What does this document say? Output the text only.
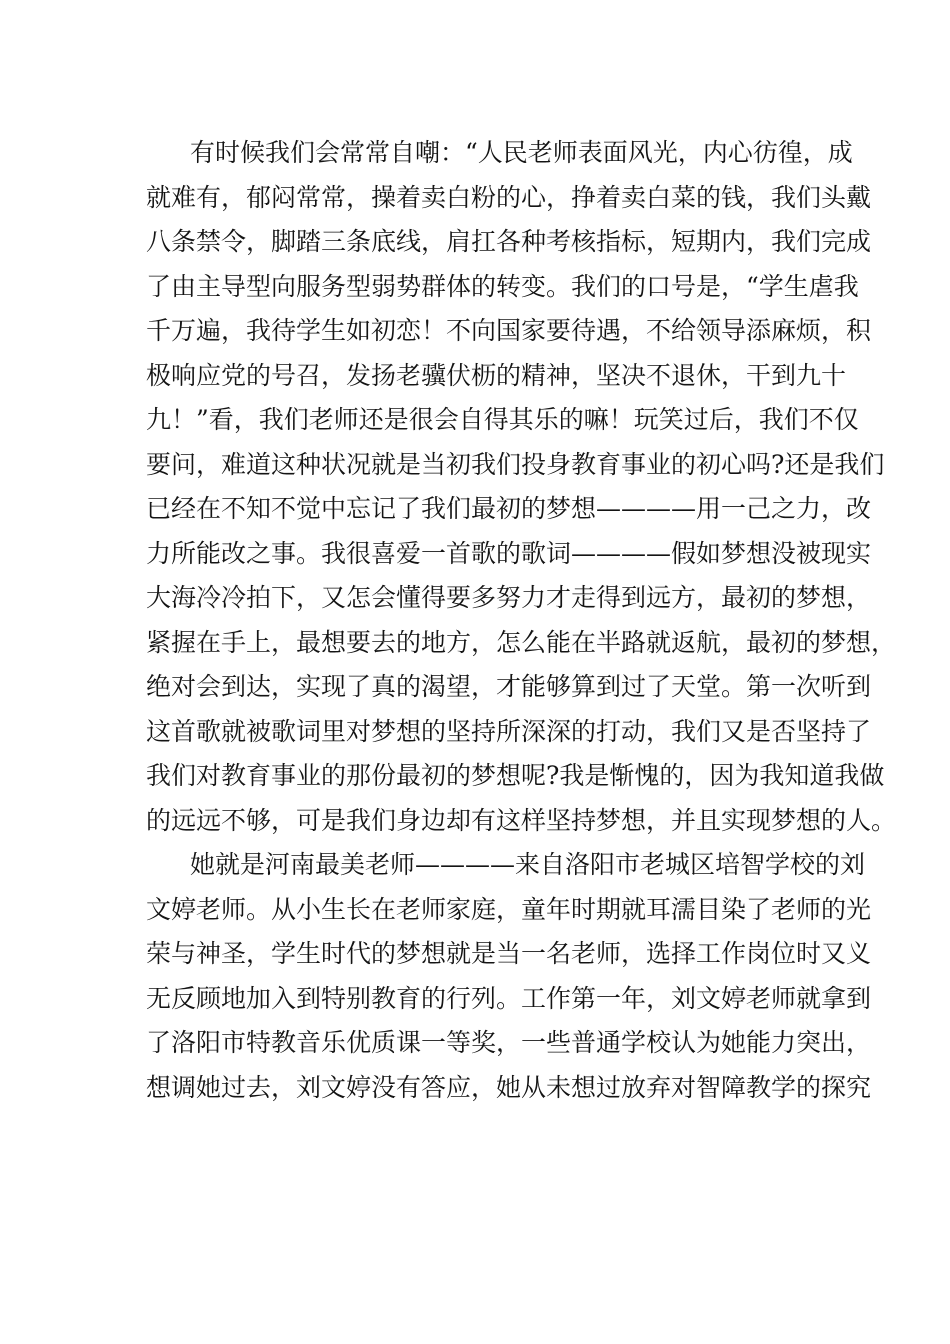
有时候我们会常常自嘲：“人民老师表面风光，内心彷徨，成
就难有，郁闷常常，操着卖白粉的心，挣着卖白菜的钱，我们头戴
八条禁令，脚踏三条底线，肩扛各种考核指标，短期内，我们完成
了由主导型向服务型弱势群体的转变。我们的口号是，“学生虐我
千万遍，我待学生如初恋！不向国家要待遇，不给领导添麻烦，积
极响应党的号召，发扬老骥伏枥的精神，坚决不退休，干到九十
九！”看，我们老师还是很会自得其乐的嘛！玩笑过后，我们不仅
要问，难道这种状况就是当初我们投身教育事业的初心吗?还是我们
已经在不知不觉中忘记了我们最初的梦想————用一己之力，改
力所能改之事。我很喜爱一首歌的歌词————假如梦想没被现实
大海冷冷拍下，又怎会懂得要多努力才走得到远方，最初的梦想，
紧握在手上，最想要去的地方，怎么能在半路就返航，最初的梦想，
绝对会到达，实现了真的渴望，才能够算到过了天堂。第一次听到
这首歌就被歌词里对梦想的坚持所深深的打动，我们又是否坚持了
我们对教育事业的那份最初的梦想呢?我是惭愧的，因为我知道我做
的远远不够，可是我们身边却有这样坚持梦想，并且实现梦想的人。
她就是河南最美老师————来自洛阳市老城区培智学校的刘
文婷老师。从小生长在老师家庭，童年时期就耳濡目染了老师的光
荣与神圣，学生时代的梦想就是当一名老师，选择工作岗位时又义
无反顾地加入到特别教育的行列。工作第一年，刘文婷老师就拿到
了洛阳市特教音乐优质课一等奖，一些普通学校认为她能力突出，
想调她过去，刘文婷没有答应，她从未想过放弃对智障教学的探究
